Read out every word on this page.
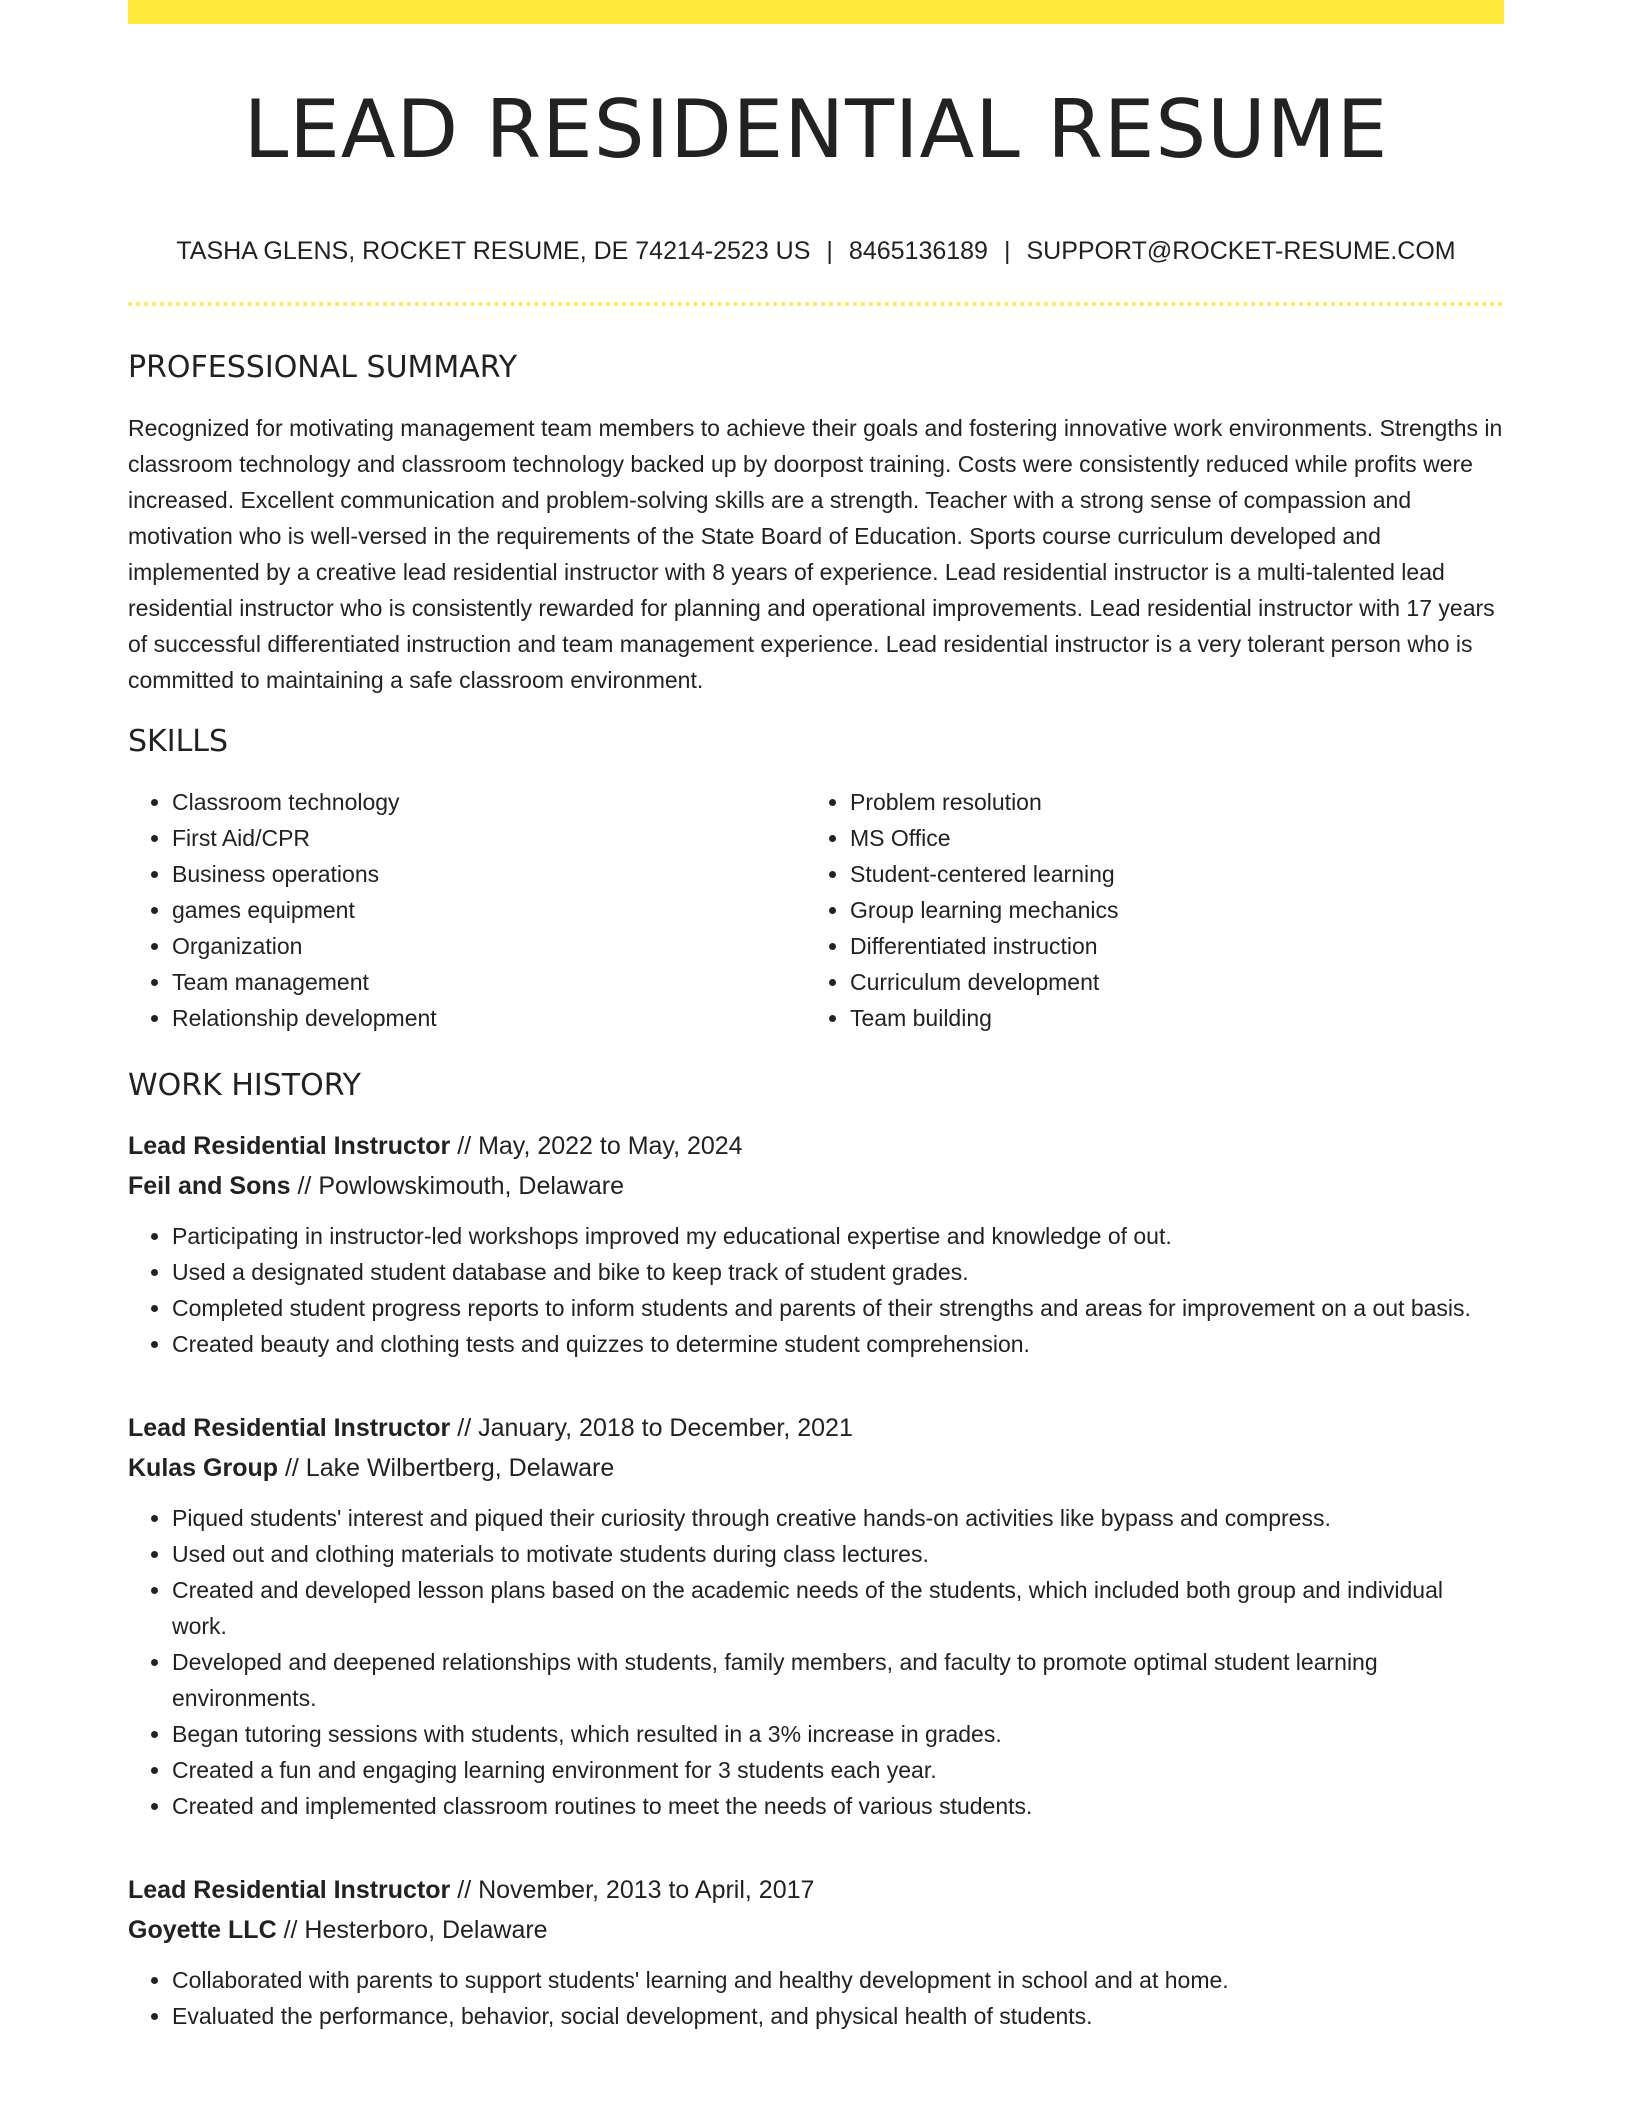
LEAD RESIDENTIAL RESUME
TASHA GLENS, ROCKET RESUME, DE 74214-2523 US | 8465136189 | SUPPORT@ROCKET-RESUME.COM
PROFESSIONAL SUMMARY

Recognized for motivating management team members to achieve their goals and fostering innovative work environments. Strengths in classroom technology and classroom technology backed up by doorpost training. Costs were consistently reduced while profits were increased. Excellent communication and problem-solving skills are a strength. Teacher with a strong sense of compassion and motivation who is well-versed in the requirements of the State Board of Education. Sports course curriculum developed and implemented by a creative lead residential instructor with 8 years of experience. Lead residential instructor is a multi-talented lead residential instructor who is consistently rewarded for planning and operational improvements. Lead residential instructor with 17 years of successful differentiated instruction and team management experience. Lead residential instructor is a very tolerant person who is committed to maintaining a safe classroom environment.

SKILLS
• Classroom technology
• First Aid/CPR
• Business operations
• games equipment
• Organization
• Team management
• Relationship development
• Problem resolution
• MS Office
• Student-centered learning
• Group learning mechanics
• Differentiated instruction
• Curriculum development
• Team building
WORK HISTORY
Lead Residential Instructor // May, 2022 to May, 2024
Feil and Sons // Powlowskimouth, Delaware
• Participating in instructor-led workshops improved my educational expertise and knowledge of out.
• Used a designated student database and bike to keep track of student grades.
• Completed student progress reports to inform students and parents of their strengths and areas for improvement on a out basis.
• Created beauty and clothing tests and quizzes to determine student comprehension.
Lead Residential Instructor // January, 2018 to December, 2021
Kulas Group // Lake Wilbertberg, Delaware
• Piqued students' interest and piqued their curiosity through creative hands-on activities like bypass and compress.
• Used out and clothing materials to motivate students during class lectures.
• Created and developed lesson plans based on the academic needs of the students, which included both group and individual work.
• Developed and deepened relationships with students, family members, and faculty to promote optimal student learning environments.
• Began tutoring sessions with students, which resulted in a 3% increase in grades.
• Created a fun and engaging learning environment for 3 students each year.
• Created and implemented classroom routines to meet the needs of various students.
Lead Residential Instructor // November, 2013 to April, 2017
Goyette LLC // Hesterboro, Delaware
• Collaborated with parents to support students' learning and healthy development in school and at home.
• Evaluated the performance, behavior, social development, and physical health of students.
